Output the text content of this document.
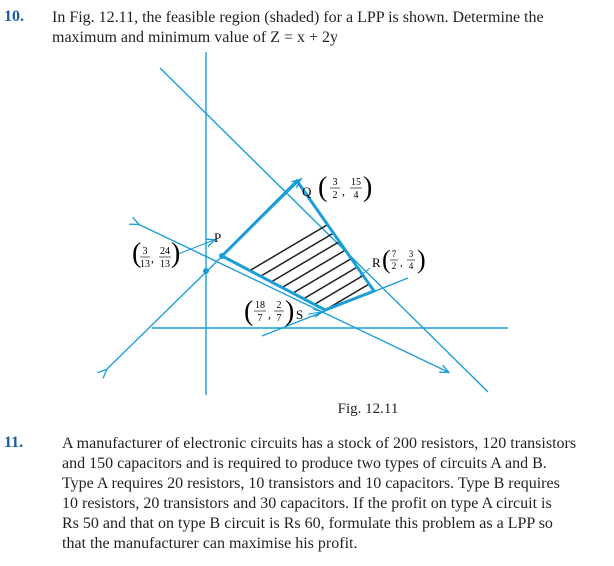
10. In Fig. 12.11, the feasible region (shaded) for a LPP is shown. Determine the
maximum and minimum value of Z = x + 2y
( 3
13 , 24
13 )
P
Q ( 3
2 ,
15
4 )
R ( 7
2 ,
3
4 )
( 18
7 ,
2
7 ) S
Fig. 12.11
11. A manufacturer of electronic circuits has a stock of 200 resistors, 120 transistors
and 150 capacitors and is required to produce two types of circuits A and B.
Type A requires 20 resistors, 10 transistors and 10 capacitors. Type B requires
10 resistors, 20 transistors and 30 capacitors. If the profit on type A circuit is
Rs 50 and that on type B circuit is Rs 60, formulate this problem as a LPP so
that the manufacturer can maximise his profit.
